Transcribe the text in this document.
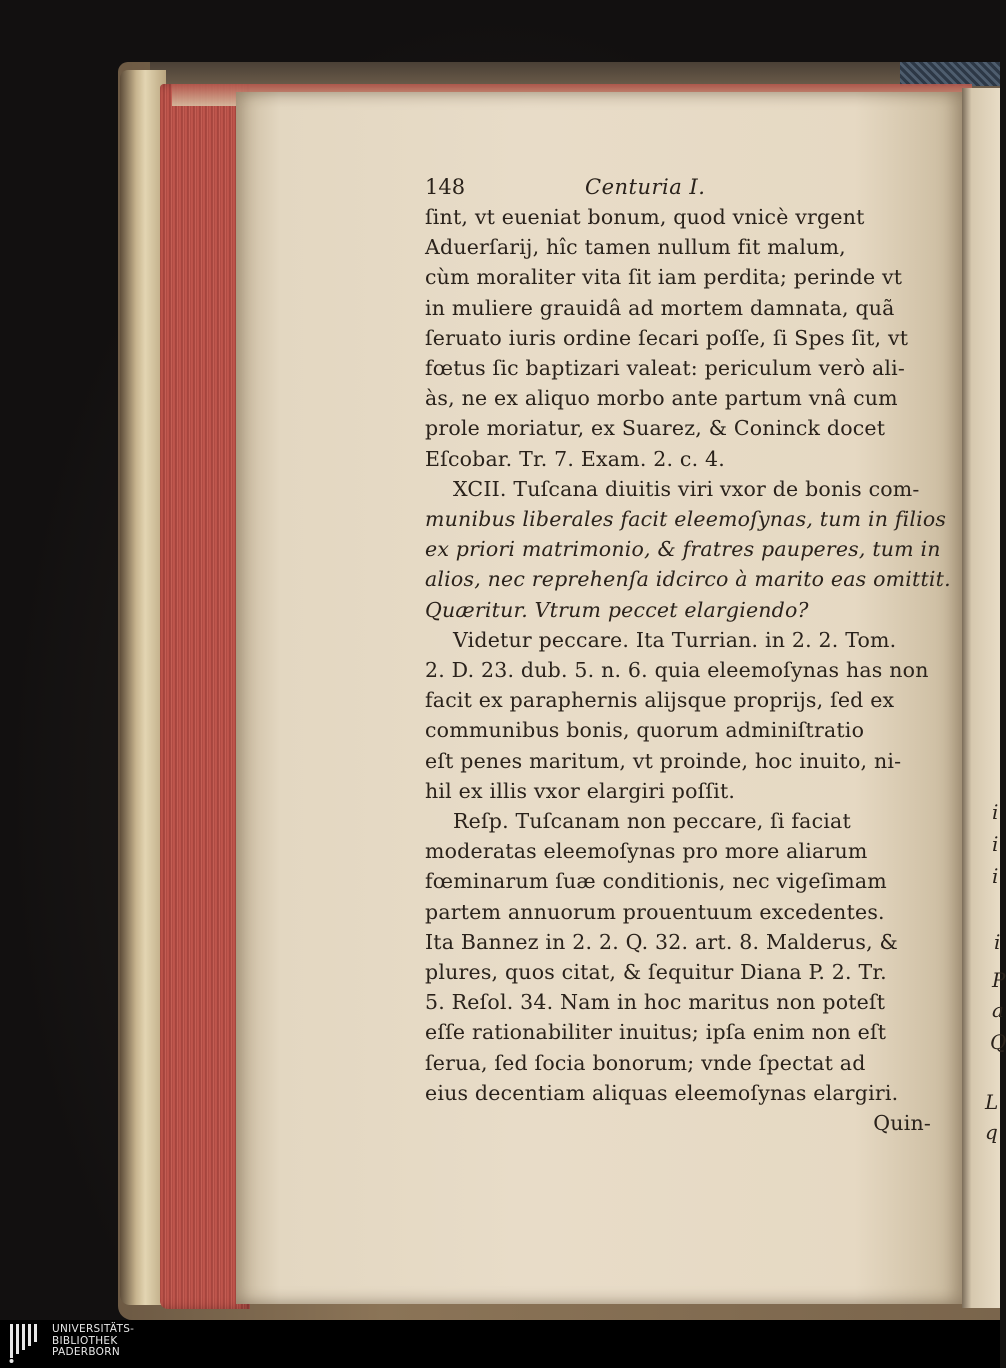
148	Centuria I.
ſint, vt eueniat bonum, quod vnicè vrgent
Aduerſarij, hîc tamen nullum fit malum,
cùm moraliter vita ſit iam perdita; perinde vt
in muliere grauidâ ad mortem damnata, quã
ſeruato iuris ordine ſecari poſſe, ſi Spes ſit, vt
fœtus ſic baptizari valeat: periculum verò ali-
às, ne ex aliquo morbo ante partum vnâ cum
prole moriatur, ex Suarez, & Coninck docet
Eſcobar. Tr. 7. Exam. 2. c. 4.
XCII. Tuſcana diuitis viri vxor de bonis com-
munibus liberales facit eleemoſynas, tum in filios
ex priori matrimonio, & fratres pauperes, tum in
alios, nec reprehenſa idcirco à marito eas omittit.
Quæritur. Vtrum peccet elargiendo?
Videtur peccare. Ita Turrian. in 2. 2. Tom.
2. D. 23. dub. 5. n. 6. quia eleemoſynas has non
facit ex paraphernis alijsque proprijs, ſed ex
communibus bonis, quorum adminiſtratio
eſt penes maritum, vt proinde, hoc inuito, ni-
hil ex illis vxor elargiri poſſit.
Reſp. Tuſcanam non peccare, ſi faciat
moderatas eleemoſynas pro more aliarum
fœminarum ſuæ conditionis, nec vigeſimam
partem annuorum prouentuum excedentes.
Ita Bannez in 2. 2. Q. 32. art. 8. Malderus, &
plures, quos citat, & ſequitur Diana P. 2. Tr.
5. Reſol. 34. Nam in hoc maritus non poteſt
eſſe rationabiliter inuitus; ipſa enim non eſt
ſerua, ſed ſocia bonorum; vnde ſpectat ad
eius decentiam aliquas eleemoſynas elargiri.
Quin-
i
i
i
i
P
a
Q
L
q
UNIVERSITÄTS-
BIBLIOTHEK
PADERBORN
